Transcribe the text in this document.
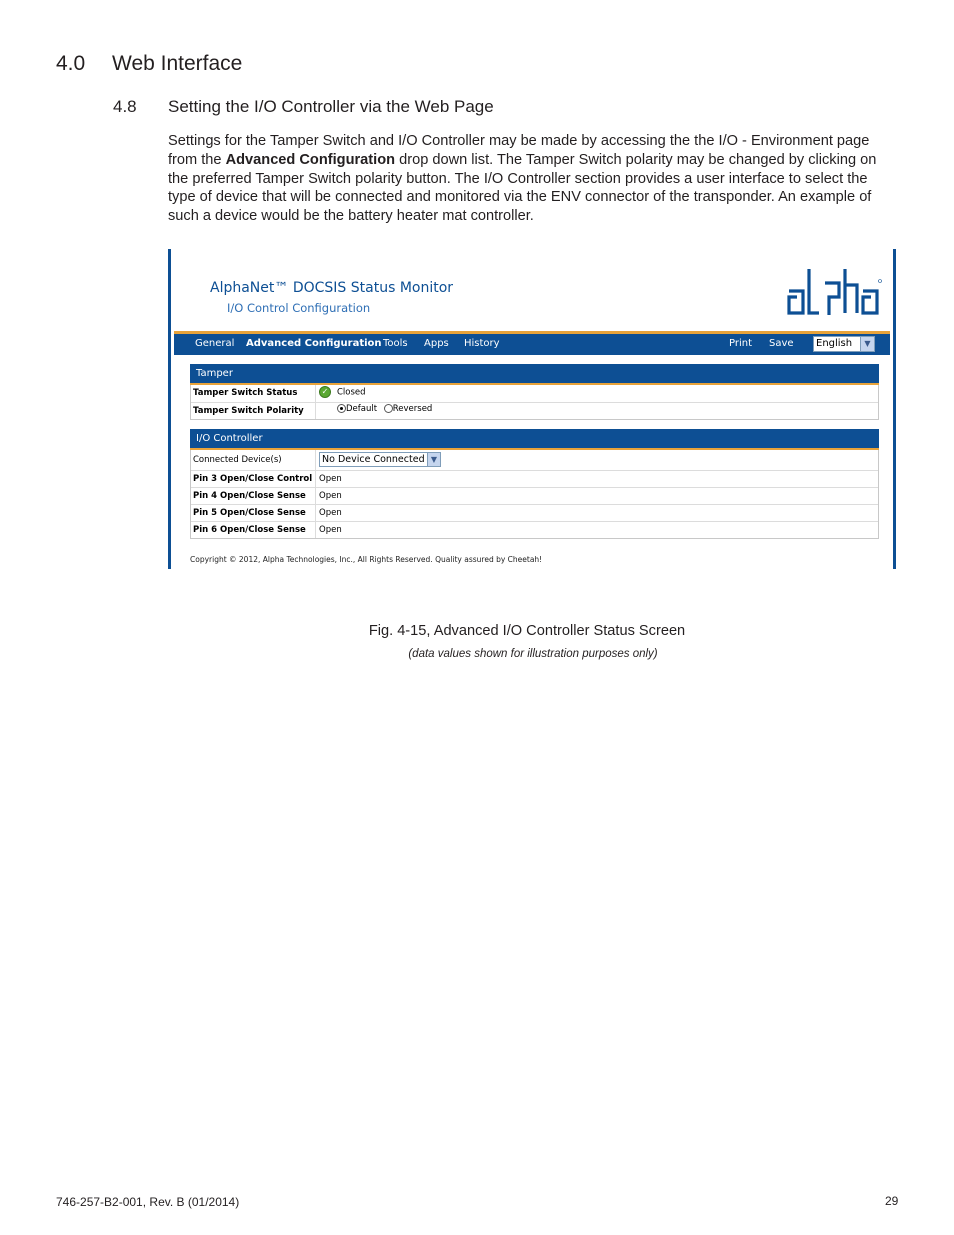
4.0 Web Interface
4.8 Setting the I/O Controller via the Web Page

Settings for the Tamper Switch and I/O Controller may be made by accessing the the I/O - Environment page from the Advanced Configuration drop down list. The Tamper Switch polarity may be changed by clicking on the preferred Tamper Switch polarity button. The I/O Controller section provides a user interface to select the type of device that will be connected and monitored via the ENV connector of the transponder. An example of such a device would be the battery heater mat controller.

AlphaNet™ DOCSIS Status Monitor
I/O Control Configuration
General Advanced Configuration Tools Apps History	Print Save	English	▼
Tamper
Tamper Switch Status	✓ Closed
Tamper Switch Polarity	Default Reversed
I/O Controller
Connected Device(s)	No Device Connected ▼
Pin 3 Open/Close Control Open
Pin 4 Open/Close Sense Open
Pin 5 Open/Close Sense Open
Pin 6 Open/Close Sense Open
Copyright © 2012, Alpha Technologies, Inc., All Rights Reserved. Quality assured by Cheetah!
Fig. 4-15, Advanced I/O Controller Status Screen
(data values shown for illustration purposes only)
746-257-B2-001, Rev. B (01/2014)	29
